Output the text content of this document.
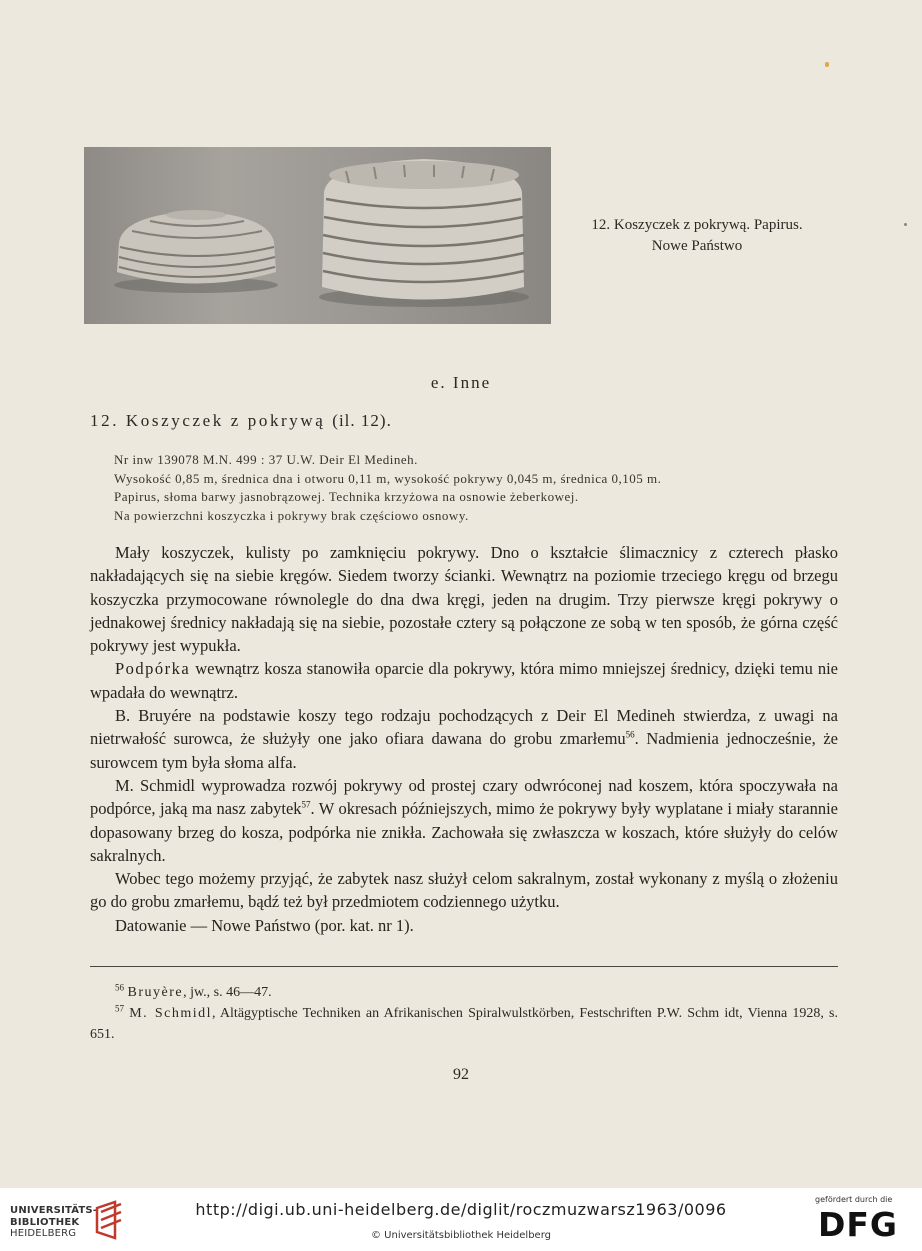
12. Koszyczek z pokrywą. Papirus.
Nowe Państwo
e. Inne
12. Koszyczek z pokrywą (il. 12).
Nr inw 139078 M.N. 499 : 37 U.W. Deir El Medineh.
Wysokość 0,85 m, średnica dna i otworu 0,11 m, wysokość pokrywy 0,045 m, średnica 0,105 m.
Papirus, słoma barwy jasnobrązowej. Technika krzyżowa na osnowie żeberkowej.
Na powierzchni koszyczka i pokrywy brak częściowo osnowy.

Mały koszyczek, kulisty po zamknięciu pokrywy. Dno o kształcie ślimacznicy z czterech płasko nakładających się na siebie kręgów. Siedem tworzy ścianki. Wewnątrz na poziomie trzeciego kręgu od brzegu koszyczka przymocowane równolegle do dna dwa kręgi, jeden na drugim. Trzy pierwsze kręgi pokrywy o jednakowej średnicy nakładają się na siebie, pozostałe cztery są połączone ze sobą w ten sposób, że górna część pokrywy jest wypukła.

Podpórka wewnątrz kosza stanowiła oparcie dla pokrywy, która mimo mniejszej średnicy, dzięki temu nie wpadała do wewnątrz.

B. Bruyére na podstawie koszy tego rodzaju pochodzących z Deir El Medineh stwierdza, z uwagi na nietrwałość surowca, że służyły one jako ofiara dawana do grobu zmarłemu$^{56}$. Nadmienia jednocześnie, że surowcem tym była słoma alfa.

M. Schmidl wyprowadza rozwój pokrywy od prostej czary odwróconej nad koszem, która spoczywała na podpórce, jaką ma nasz zabytek$^{57}$. W okresach późniejszych, mimo że pokrywy były wyplatane i miały starannie dopasowany brzeg do kosza, podpórka nie znikła. Zachowała się zwłaszcza w koszach, które służyły do celów sakralnych.

Wobec tego możemy przyjąć, że zabytek nasz służył celom sakralnym, został wykonany z myślą o złożeniu go do grobu zmarłemu, bądź też był przedmiotem codziennego użytku.

Datowanie — Nowe Państwo (por. kat. nr 1).

$^{56}$ Bruyère, jw., s. 46—47.

$^{57}$ M. Schmidl, Altägyptische Techniken an Afrikanischen Spiralwulstkörben, Festschriften P.W. Schm idt, Vienna 1928, s. 651.

92
UNIVERSITÄTS-
BIBLIOTHEK
HEIDELBERG
http://digi.ub.uni-heidelberg.de/diglit/roczmuzwarsz1963/0096
© Universitätsbibliothek Heidelberg
gefördert durch die
DFG
